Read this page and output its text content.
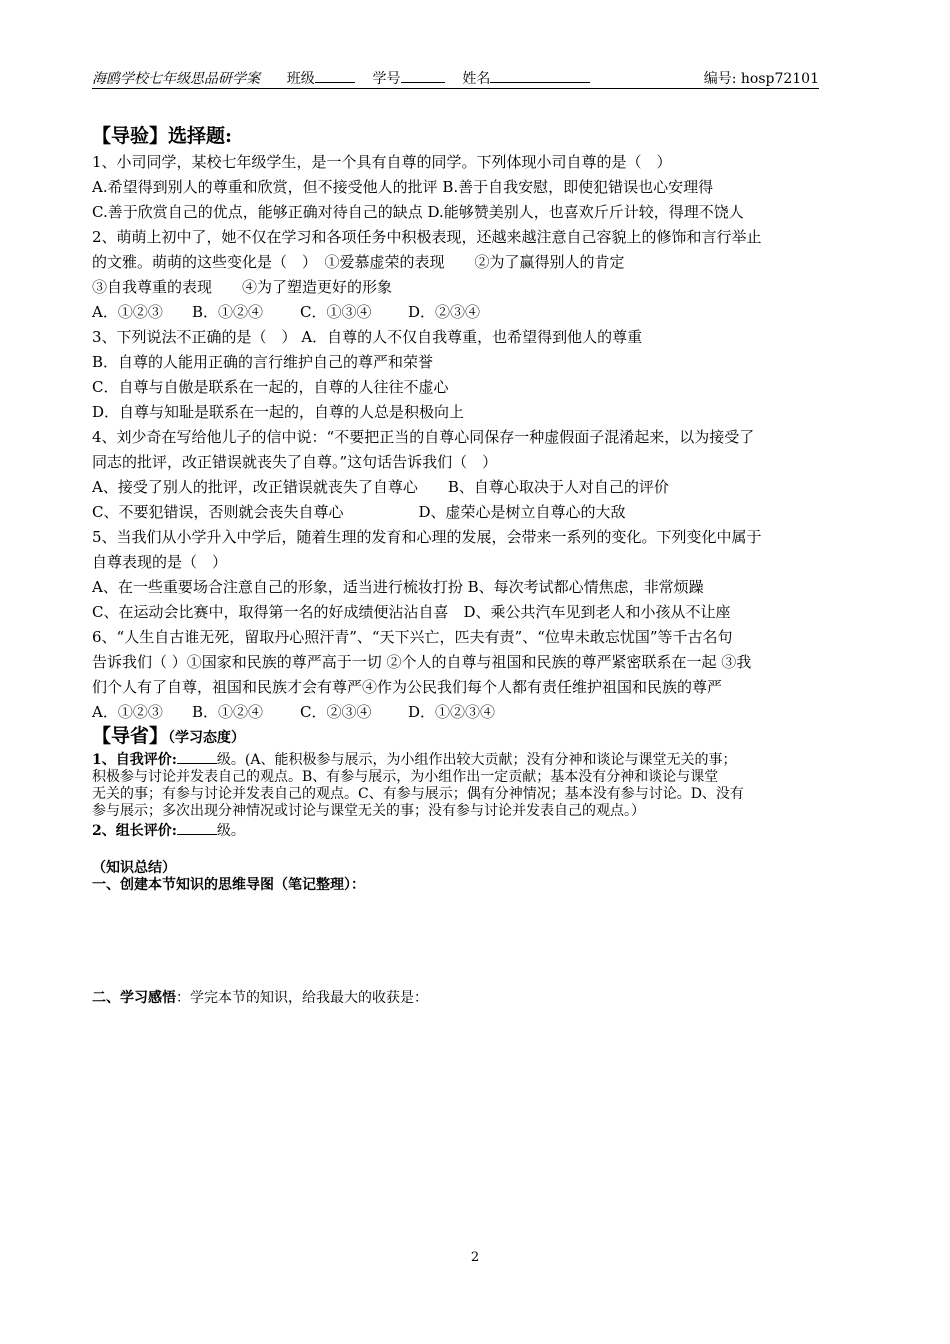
海鸥学校七年级思品研学案 班级	学号	姓名	编号: hosp72101

【导验】选择题:

1、小司同学，某校七年级学生，是一个具有自尊的同学。下列体现小司自尊的是（　）

A.希望得到别人的尊重和欣赏，但不接受他人的批评 B.善于自我安慰，即使犯错误也心安理得

C.善于欣赏自己的优点，能够正确对待自己的缺点 D.能够赞美别人，也喜欢斤斤计较，得理不饶人

2、萌萌上初中了，她不仅在学习和各项任务中积极表现，还越来越注意自己容貌上的修饰和言行举止

的文雅。萌萌的这些变化是（　）　①爱慕虚荣的表现　　②为了赢得别人的肯定

③自我尊重的表现　　④为了塑造更好的形象

A．①②③ B．①②④ C．①③④ D．②③④

3、下列说法不正确的是（　） A．自尊的人不仅自我尊重，也希望得到他人的尊重

B．自尊的人能用正确的言行维护自己的尊严和荣誉

C．自尊与自傲是联系在一起的，自尊的人往往不虚心

D．自尊与知耻是联系在一起的，自尊的人总是积极向上

4、刘少奇在写给他儿子的信中说：“不要把正当的自尊心同保存一种虚假面子混淆起来，以为接受了

同志的批评，改正错误就丧失了自尊。”这句话告诉我们（　）

A、接受了别人的批评，改正错误就丧失了自尊心　　B、自尊心取决于人对自己的评价

C、不要犯错误，否则就会丧失自尊心　　　　　D、虚荣心是树立自尊心的大敌

5、当我们从小学升入中学后，随着生理的发育和心理的发展，会带来一系列的变化。下列变化中属于

自尊表现的是（　）

A、在一些重要场合注意自己的形象，适当进行梳妆打扮 B、每次考试都心情焦虑，非常烦躁

C、在运动会比赛中，取得第一名的好成绩便沾沾自喜　D、乘公共汽车见到老人和小孩从不让座

6、“人生自古谁无死，留取丹心照汗青”、“天下兴亡，匹夫有责”、“位卑未敢忘忧国”等千古名句

告诉我们（ ）①国家和民族的尊严高于一切 ②个人的自尊与祖国和民族的尊严紧密联系在一起 ③我

们个人有了自尊，祖国和民族才会有尊严④作为公民我们每个人都有责任维护祖国和民族的尊严

A．①②③ B．①②④ C．②③④ D．①②③④

【导省】（学习态度）

1、自我评价:	级。(A、能积极参与展示，为小组作出较大贡献；没有分神和谈论与课堂无关的事；

积极参与讨论并发表自己的观点。B、有参与展示，为小组作出一定贡献；基本没有分神和谈论与课堂

无关的事；有参与讨论并发表自己的观点。C、有参与展示；偶有分神情况；基本没有参与讨论。D、没有

参与展示；多次出现分神情况或讨论与课堂无关的事；没有参与讨论并发表自己的观点。）

2、组长评价:	级。

（知识总结）

一、创建本节知识的思维导图（笔记整理）：

二、学习感悟：学完本节的知识，给我最大的收获是：

2
